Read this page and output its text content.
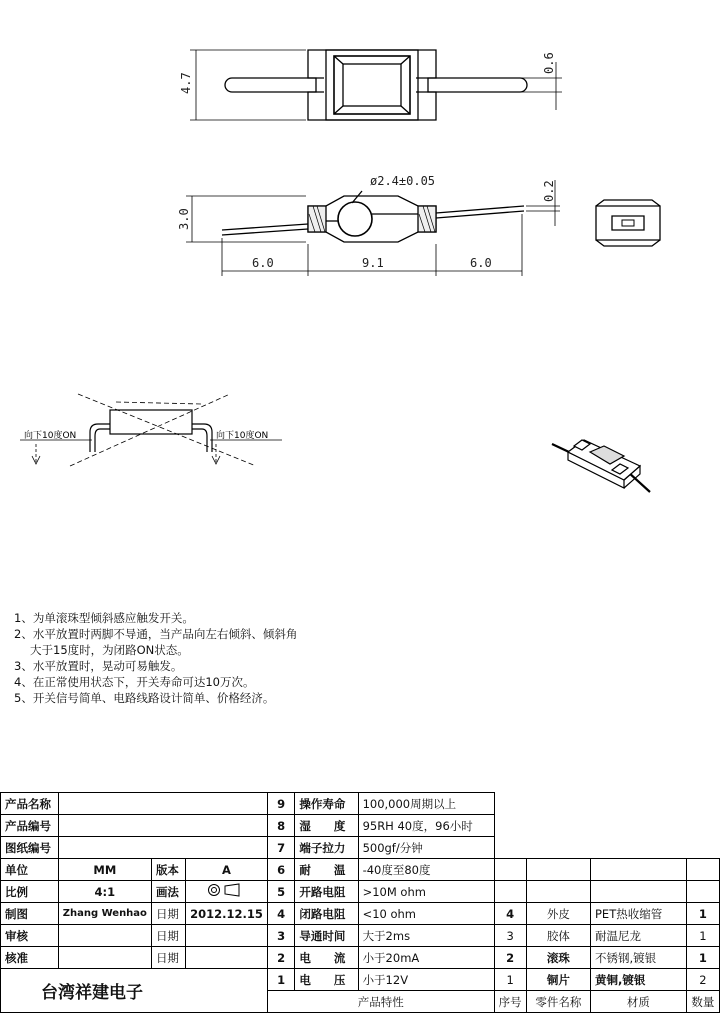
4.7
0.6
ø2.4±0.05
3.0
0.2
6.0	9.1	6.0
向下10度ON	向下10度ON
1、为单滚珠型倾斜感应触发开关。
2、水平放置时两脚不导通，当产品向左右倾斜、倾斜角
大于15度时，为闭路ON状态。
3、水平放置时，晃动可易触发。
4、在正常使用状态下，开关寿命可达10万次。
5、开关信号简单、电路线路设计简单、价格经济。
产品名称				9	操作寿命	100,000周期以上				
产品编号				8	湿　　度	95RH 40度，96小时				
图纸编号				7	端子拉力	500gf/分钟				
单位	MM	版本	A	6	耐　　温	-40度至80度				
比例	4:1	画法		5	开路电阻	>10M ohm				
制图	Zhang Wenhao	日期	2012.12.15	4	闭路电阻	<10 ohm	4	外皮	PET热收缩管	1
审核		日期		3	导通时间	大于2ms	3	胶体	耐温尼龙	1
核准		日期		2	电　　流	小于20mA	2	滚珠	不锈钢,镀银	1
台湾祥建电子				1	电　　压	小于12V	1	铜片	黄铜,镀银	2
				产品特性			序号	零件名称	材质	数量
